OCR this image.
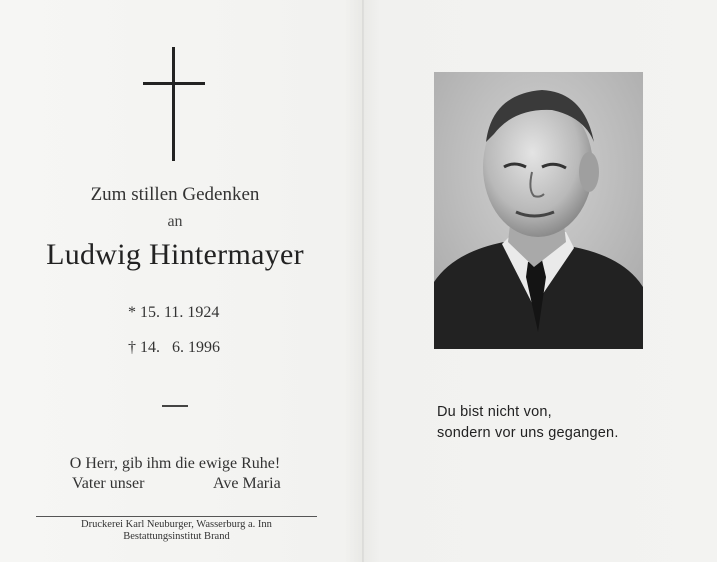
Zum stillen Gedenken
an
Ludwig Hintermayer
* 15. 11. 1924
† 14.   6. 1996
O Herr, gib ihm die ewige Ruhe!
Vater unser	Ave Maria
Druckerei Karl Neuburger, Wasserburg a. Inn
Bestattungsinstitut Brand
Du bist nicht von,
sondern vor uns gegangen.
